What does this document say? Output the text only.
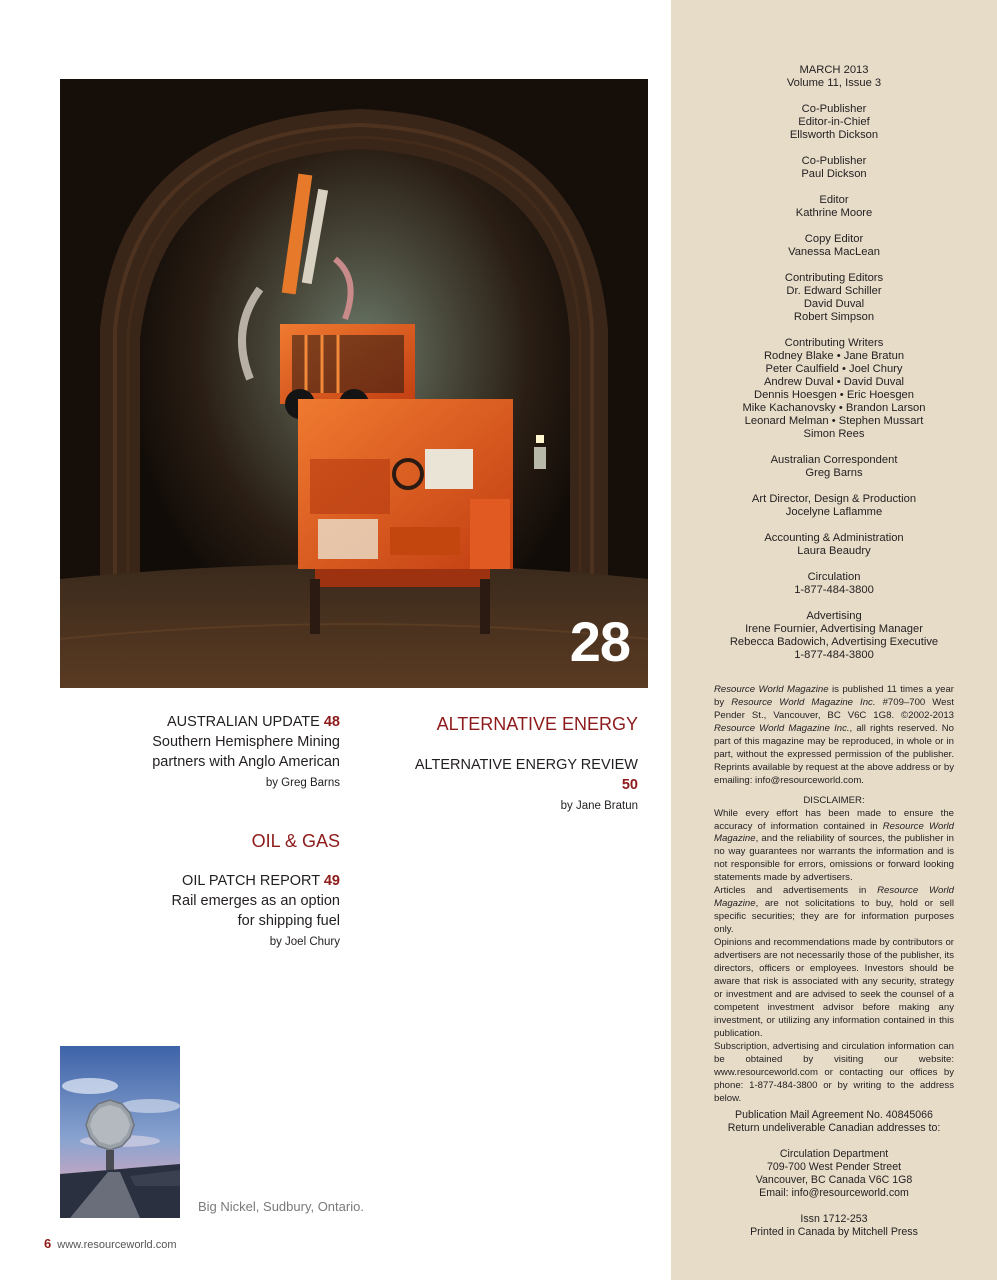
28
AUSTRALIAN UPDATE 48
Southern Hemisphere Mining
partners with Anglo American
by Greg Barns
OIL & GAS
OIL PATCH REPORT 49
Rail emerges as an option
for shipping fuel
by Joel Chury
ALTERNATIVE ENERGY
ALTERNATIVE ENERGY REVIEW 50
by Jane Bratun
Big Nickel, Sudbury, Ontario.
6 www.resourceworld.com
MARCH 2013
Volume 11, Issue 3
Co-Publisher
Editor-in-Chief
Ellsworth Dickson
Co-Publisher
Paul Dickson
Editor
Kathrine Moore
Copy Editor
Vanessa MacLean
Contributing Editors
Dr. Edward Schiller
David Duval
Robert Simpson
Contributing Writers
Rodney Blake • Jane Bratun
Peter Caulfield • Joel Chury
Andrew Duval • David Duval
Dennis Hoesgen • Eric Hoesgen
Mike Kachanovsky • Brandon Larson
Leonard Melman • Stephen Mussart
Simon Rees
Australian Correspondent
Greg Barns
Art Director, Design & Production
Jocelyne Laflamme
Accounting & Administration
Laura Beaudry
Circulation
1-877-484-3800
Advertising
Irene Fournier, Advertising Manager
Rebecca Badowich, Advertising Executive
1-877-484-3800

Resource World Magazine is published 11 times a year by Resource World Magazine Inc. #709–700 West Pender St., Vancouver, BC V6C 1G8. ©2002-2013 Resource World Magazine Inc., all rights reserved. No part of this magazine may be reproduced, in whole or in part, without the expressed permission of the publisher. Reprints available by request at the above address or by emailing: info@resourceworld.com.

DISCLAIMER:

While every effort has been made to ensure the accuracy of information contained in Resource World Magazine, and the reliability of sources, the publisher in no way guarantees nor warrants the information and is not responsible for errors, omissions or forward looking statements made by advertisers.

Articles and advertisements in Resource World Magazine, are not solicitations to buy, hold or sell specific securities; they are for information purposes only.

Opinions and recommendations made by contributors or advertisers are not necessarily those of the publisher, its directors, officers or employees. Investors should be aware that risk is associated with any security, strategy or investment and are advised to seek the counsel of a competent investment advisor before making any investment, or utilizing any information contained in this publication.

Subscription, advertising and circulation information can be obtained by visiting our website: www.resourceworld.com or contacting our offices by phone: 1-877-484-3800 or by writing to the address below.

Publication Mail Agreement No. 40845066
Return undeliverable Canadian addresses to:
Circulation Department
709-700 West Pender Street
Vancouver, BC Canada V6C 1G8
Email: info@resourceworld.com
Issn 1712-253
Printed in Canada by Mitchell Press
